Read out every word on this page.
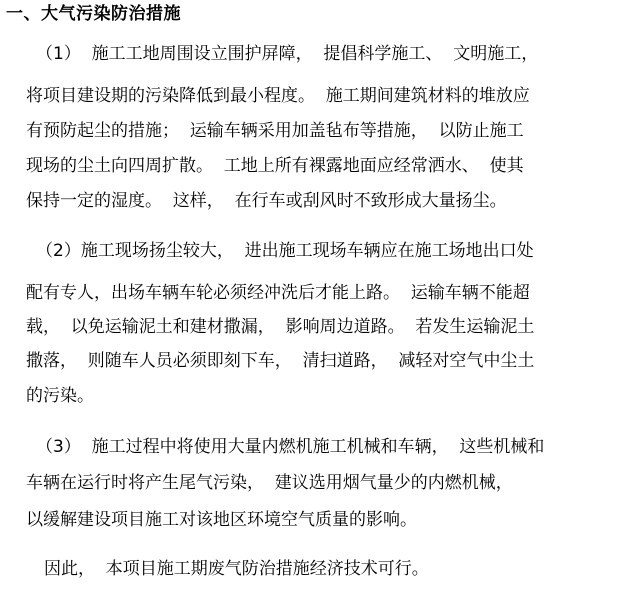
一、大气污染防治措施
（1）  施工工地周围设立围护屏障，  提倡科学施工、  文明施工，
将项目建设期的污染降低到最小程度。  施工期间建筑材料的堆放应
有预防起尘的措施；  运输车辆采用加盖毡布等措施，  以防止施工
现场的尘土向四周扩散。  工地上所有裸露地面应经常洒水、  使其
保持一定的湿度。  这样，  在行车或刮风时不致形成大量扬尘。
（2）施工现场扬尘较大，  进出施工现场车辆应在施工场地出口处
配有专人，出场车辆车轮必须经冲洗后才能上路。  运输车辆不能超
载，  以免运输泥土和建材撒漏，  影响周边道路。  若发生运输泥土
撒落，  则随车人员必须即刻下车，  清扫道路，  减轻对空气中尘土
的污染。
（3）  施工过程中将使用大量内燃机施工机械和车辆，  这些机械和
车辆在运行时将产生尾气污染，  建议选用烟气量少的内燃机械，
以缓解建设项目施工对该地区环境空气质量的影响。
因此，  本项目施工期废气防治措施经济技术可行。
